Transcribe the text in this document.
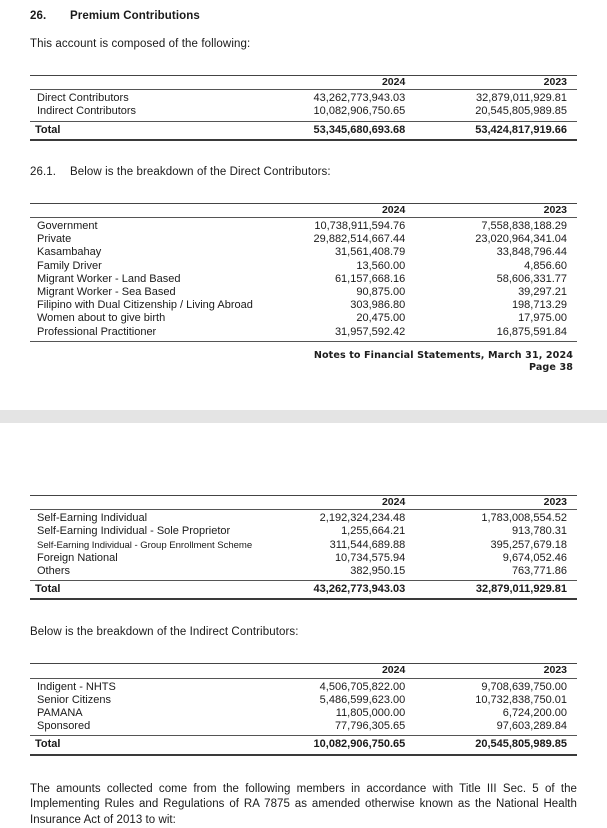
26.	Premium Contributions
This account is composed of the following:
	2024	2023
Direct Contributors	43,262,773,943.03	32,879,011,929.81
Indirect Contributors	10,082,906,750.65	20,545,805,989.85
Total	53,345,680,693.68	53,424,817,919.66
26.1.	Below is the breakdown of the Direct Contributors:
	2024	2023
Government	10,738,911,594.76	7,558,838,188.29
Private	29,882,514,667.44	23,020,964,341.04
Kasambahay	31,561,408.79	33,848,796.44
Family Driver	13,560.00	4,856.60
Migrant Worker - Land Based	61,157,668.16	58,606,331.77
Migrant Worker - Sea Based	90,875.00	39,297.21
Filipino with Dual Citizenship / Living Abroad	303,986.80	198,713.29
Women about to give birth	20,475.00	17,975.00
Professional Practitioner	31,957,592.42	16,875,591.84

Notes to Financial Statements, March 31, 2024
Page 38
	2024	2023
Self-Earning Individual	2,192,324,234.48	1,783,008,554.52
Self-Earning Individual - Sole Proprietor	1,255,664.21	913,780.31
Self-Earning Individual - Group Enrollment Scheme	311,544,689.88	395,257,679.18
Foreign National	10,734,575.94	9,674,052.46
Others	382,950.15	763,771.86
Total	43,262,773,943.03	32,879,011,929.81
Below is the breakdown of the Indirect Contributors:
	2024	2023
Indigent - NHTS	4,506,705,822.00	9,708,639,750.00
Senior Citizens	5,486,599,623.00	10,732,838,750.01
PAMANA	11,805,000.00	6,724,200.00
Sponsored	77,796,305.65	97,603,289.84
Total	10,082,906,750.65	20,545,805,989.85
The amounts collected come from the following members in accordance with Title III Sec. 5 of the Implementing Rules and Regulations of RA 7875 as amended otherwise known as the National Health Insurance Act of 2013 to wit:
